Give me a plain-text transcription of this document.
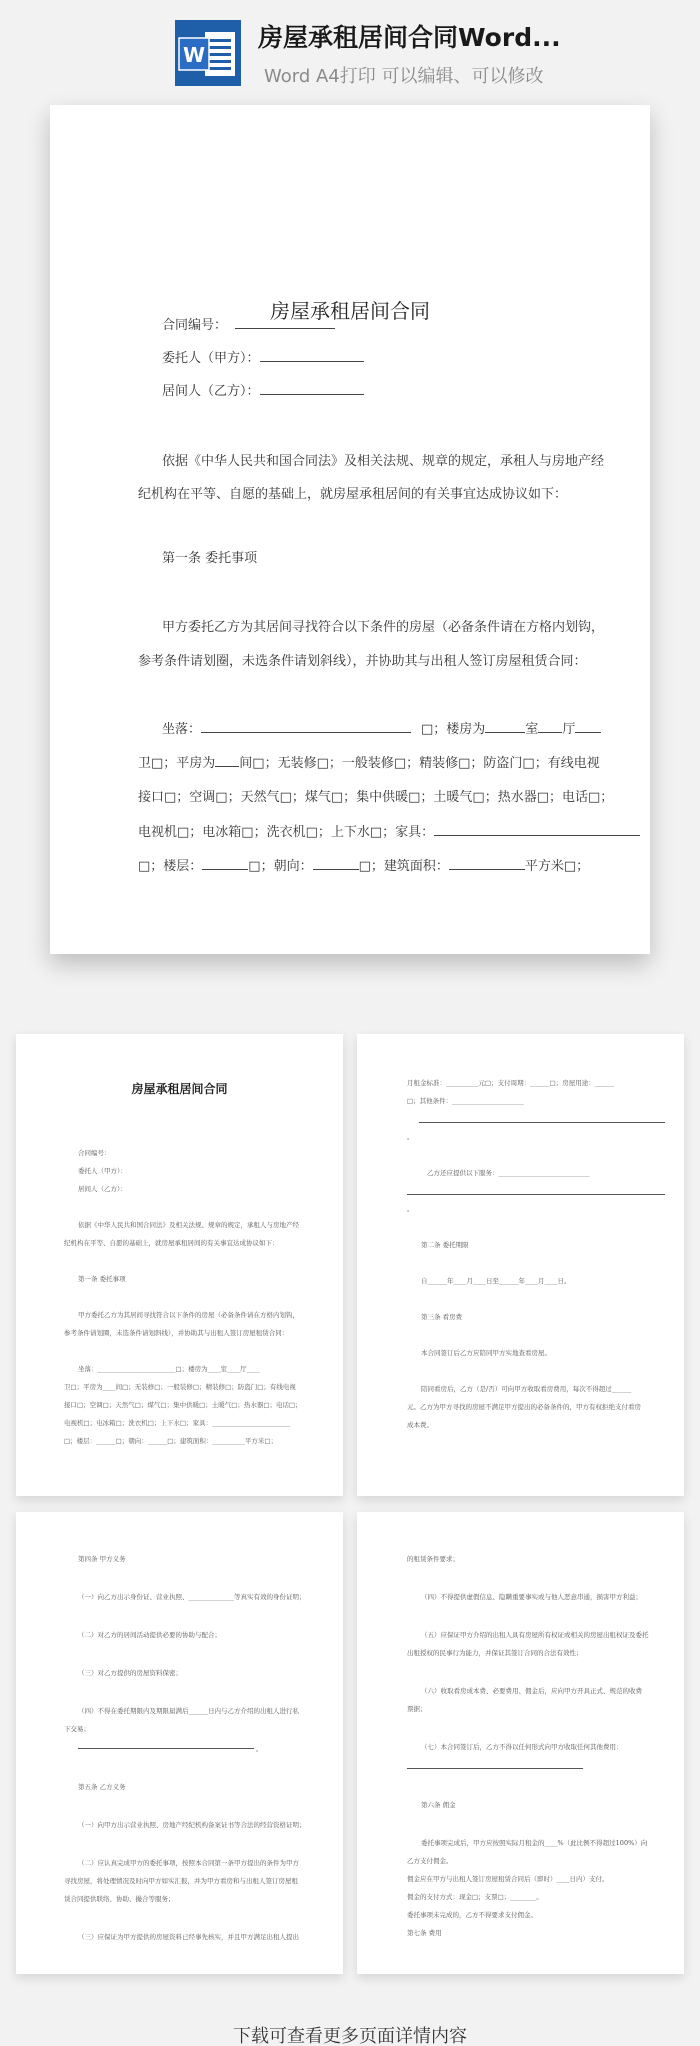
W
房屋承租居间合同Word...
Word A4打印 可以编辑、可以修改
房屋承租居间合同
合同编号：
委托人（甲方）：
居间人（乙方）：
依据《中华人民共和国合同法》及相关法规、规章的规定，承租人与房地产经
纪机构在平等、自愿的基础上，就房屋承租居间的有关事宜达成协议如下：
第一条 委托事项
甲方委托乙方为其居间寻找符合以下条件的房屋（必备条件请在方格内划钩，
参考条件请划圈，未选条件请划斜线），并协助其与出租人签订房屋租赁合同：
坐落：	□；楼房为	室 厅
卫□；平房为 间□；无装修□；一般装修□；精装修□；防盗门□；有线电视
接口□；空调□；天然气□；煤气□；集中供暖□；土暖气□；热水器□；电话□；
电视机□；电冰箱□；洗衣机□；上下水□；家具：
□；楼层：	□；朝向：	□；建筑面积：	平方米□；
房屋承租居间合同
合同编号：
委托人（甲方）：
居间人（乙方）：
依据《中华人民共和国合同法》及相关法规、规章的规定，承租人与房地产经
纪机构在平等、自愿的基础上，就房屋承租居间的有关事宜达成协议如下：
第一条 委托事项
甲方委托乙方为其居间寻找符合以下条件的房屋（必备条件请在方格内划钩，
参考条件请划圈，未选条件请划斜线），并协助其与出租人签订房屋租赁合同：
坐落：________________________□；楼房为____室____厅____
卫□；平房为____间□；无装修□；一般装修□；精装修□；防盗门□；有线电视
接口□；空调□；天然气□；煤气□；集中供暖□；土暖气□；热水器□；电话□；
电视机□；电冰箱□；洗衣机□；上下水□；家具：________________________
□；楼层：______□；朝向：______□；建筑面积：__________平方米□；
月租金标准：__________元□；支付周期：______□；房屋用途：______
□；其他条件：______________________
。
乙方还应提供以下服务：____________________________
。
第二条 委托期限
自______年____月____日至______年____月____日。
第三条 看房费
本合同签订后乙方应陪同甲方实地查看房屋。
陪同看房后，乙方（是/否）可向甲方收取看房费用，每次不得超过______
元。乙方为甲方寻找的房屋不满足甲方提出的必备条件的，甲方有权拒绝支付看房
成本费。
第四条 甲方义务
（一）向乙方出示身份证、营业执照、______________等真实有效的身份证明；
（二）对乙方的居间活动提供必要的协助与配合；
（三）对乙方提供的房屋资料保密；
（四）不得在委托期限内及期限届满后______日内与乙方介绍的出租人进行私
下交易；
。
第五条 乙方义务
（一）向甲方出示营业执照、房地产经纪机构备案证书等合法的经营资格证明；
（二）应认真完成甲方的委托事项，按照本合同第一条甲方提出的条件为甲方
寻找房屋，将处理情况及时向甲方如实汇报，并为甲方看房和与出租人签订房屋租
赁合同提供联络、协助、撮合等服务；
（三）应保证为甲方提供的房屋资料已经事先核实，并且甲方满足出租人提出
的租赁条件要求；
（四）不得提供虚假信息、隐瞒重要事实或与他人恶意串通，损害甲方利益；
（五）应保证甲方介绍的出租人具有房屋所有权证或相关的房屋出租权证及委托
出租授权的民事行为能力，并保证其签订合同的合法有效性；
（六）收取看房成本费、必要费用、佣金后，应向甲方开具正式、规范的收费
票据；
（七）本合同签订后，乙方不得以任何形式向甲方收取任何其他费用：
第六条 佣金
委托事项完成后，甲方应按照实际月租金的____%（此比例不得超过100%）向
乙方支付佣金。
佣金应在甲方与出租人签订房屋租赁合同后（即时）____日内）支付。
佣金的支付方式：现金□；支票□；________。
委托事项未完成的，乙方不得要求支付佣金。
第七条 费用
下载可查看更多页面详情内容
